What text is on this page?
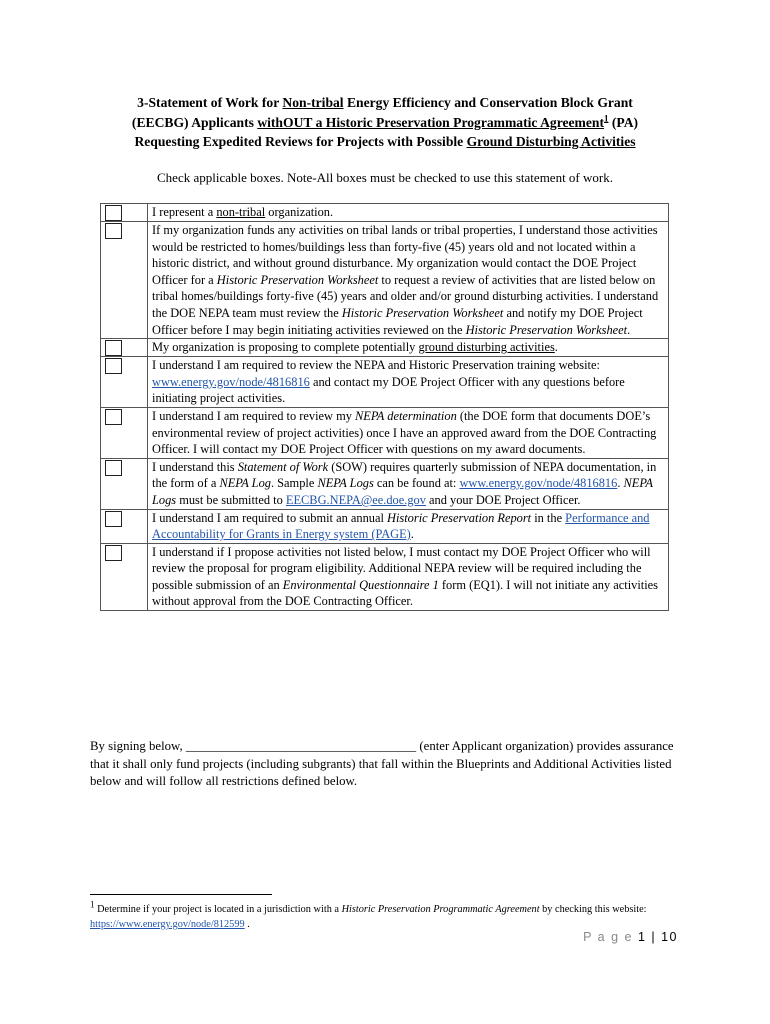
3-Statement of Work for Non-tribal Energy Efficiency and Conservation Block Grant
(EECBG) Applicants withOUT a Historic Preservation Programmatic Agreement$^1$ (PA)
Requesting Expedited Reviews for Projects with Possible Ground Disturbing Activities
Check applicable boxes. Note-All boxes must be checked to use this statement of work.
	I represent a non-tribal organization.

	If my organization funds any activities on tribal lands or tribal properties, I understand those activities would be restricted to homes/buildings less than forty-five (45) years old and not located within a historic district, and without ground disturbance. My organization would contact the DOE Project Officer for a Historic Preservation Worksheet to request a review of activities that are listed below on tribal homes/buildings forty-five (45) years and older and/or ground disturbing activities. I understand the DOE NEPA team must review the Historic Preservation Worksheet and notify my DOE Project Officer before I may begin initiating activities reviewed on the Historic Preservation Worksheet.

	My organization is proposing to complete potentially ground disturbing activities.

	I understand I am required to review the NEPA and Historic Preservation training website: www.energy.gov/node/4816816 and contact my DOE Project Officer with any questions before initiating project activities.

	I understand I am required to review my NEPA determination (the DOE form that documents DOE’s environmental review of project activities) once I have an approved award from the DOE Contracting Officer. I will contact my DOE Project Officer with questions on my award documents.

	I understand this Statement of Work (SOW) requires quarterly submission of NEPA documentation, in the form of a NEPA Log. Sample NEPA Logs can be found at: www.energy.gov/node/4816816. NEPA Logs must be submitted to EECBG.NEPA@ee.doe.gov and your DOE Project Officer.

	I understand I am required to submit an annual Historic Preservation Report in the Performance and Accountability for Grants in Energy system (PAGE).

	I understand if I propose activities not listed below, I must contact my DOE Project Officer who will review the proposal for program eligibility. Additional NEPA review will be required including the possible submission of an Environmental Questionnaire 1 form (EQ1). I will not initiate any activities without approval from the DOE Contracting Officer.
By signing below, ____________________________________ (enter Applicant organization) provides assurance that it shall only fund projects (including subgrants) that fall within the Blueprints and Additional Activities listed below and will follow all restrictions defined below.
1 Determine if your project is located in a jurisdiction with a Historic Preservation Programmatic Agreement by checking this website: https://www.energy.gov/node/812599 .
P a g e 1 | 10
